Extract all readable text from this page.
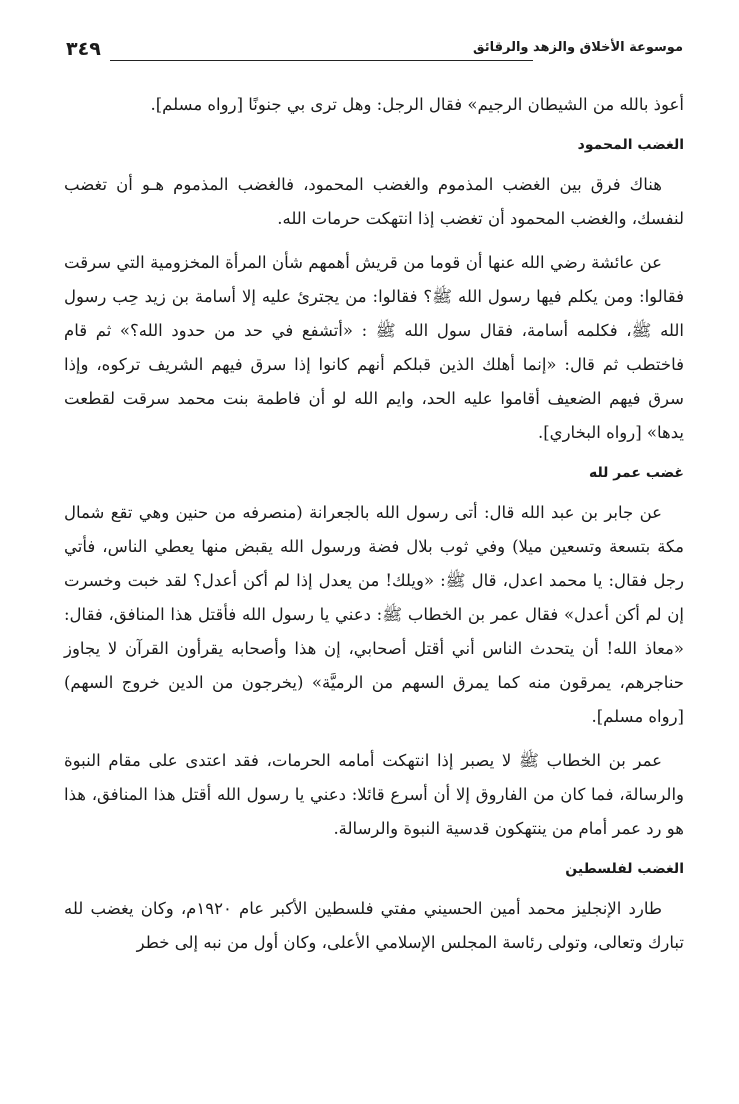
٣٤٩	موسوعة الأخلاق والزهد والرقائق

أعوذ بالله من الشيطان الرجيم» فقال الرجل: وهل ترى بي جنونًا [رواه مسلم].

الغضب المحمود

هناك فرق بين الغضب المذموم والغضب المحمود، فالغضب المذموم هـو أن تغضب لنفسك، والغضب المحمود أن تغضب إذا انتهكت حرمات الله.

عن عائشة رضي الله عنها أن قوما من قريش أهمهم شأن المرأة المخزومية التي سرقت فقالوا: ومن يكلم فيها رسول الله ﷺ؟ فقالوا: من يجترئ عليه إلا أسامة بن زيد حِب رسول الله ﷺ، فكلمه أسامة، فقال سول الله ﷺ : «أتشفع في حد من حدود الله؟» ثم قام فاختطب ثم قال: «إنما أهلك الذين قبلكم أنهم كانوا إذا سرق فيهم الشريف تركوه، وإذا سرق فيهم الضعيف أقاموا عليه الحد، وايم الله لو أن فاطمة بنت محمد سرقت لقطعت يدها» [رواه البخاري].

غضب عمر لله

عن جابر بن عبد الله قال: أتى رسول الله بالجعرانة (منصرفه من حنين وهي تقع شمال مكة بتسعة وتسعين ميلا) وفي ثوب بلال فضة ورسول الله يقبض منها يعطي الناس، فأتي رجل فقال: يا محمد اعدل، قال ﷺ: «ويلك! من يعدل إذا لم أكن أعدل؟ لقد خبت وخسرت إن لم أكن أعدل» فقال عمر بن الخطاب ﷺ: دعني يا رسول الله فأقتل هذا المنافق، فقال: «معاذ الله! أن يتحدث الناس أني أقتل أصحابي، إن هذا وأصحابه يقرأون القرآن لا يجاوز حناجرهم، يمرقون منه كما يمرق السهم من الرميَّة» (يخرجون من الدين خروج السهم) [رواه مسلم].

عمر بن الخطاب ﷺ لا يصبر إذا انتهكت أمامه الحرمات، فقد اعتدى على مقام النبوة والرسالة، فما كان من الفاروق إلا أن أسرع قائلا: دعني يا رسول الله أقتل هذا المنافق، هذا هو رد عمر أمام من ينتهكون قدسية النبوة والرسالة.

الغضب لفلسطين

طارد الإنجليز محمد أمين الحسيني مفتي فلسطين الأكبر عام ١٩٢٠م، وكان يغضب لله تبارك وتعالى، وتولى رئاسة المجلس الإسلامي الأعلى، وكان أول من نبه إلى خطر
